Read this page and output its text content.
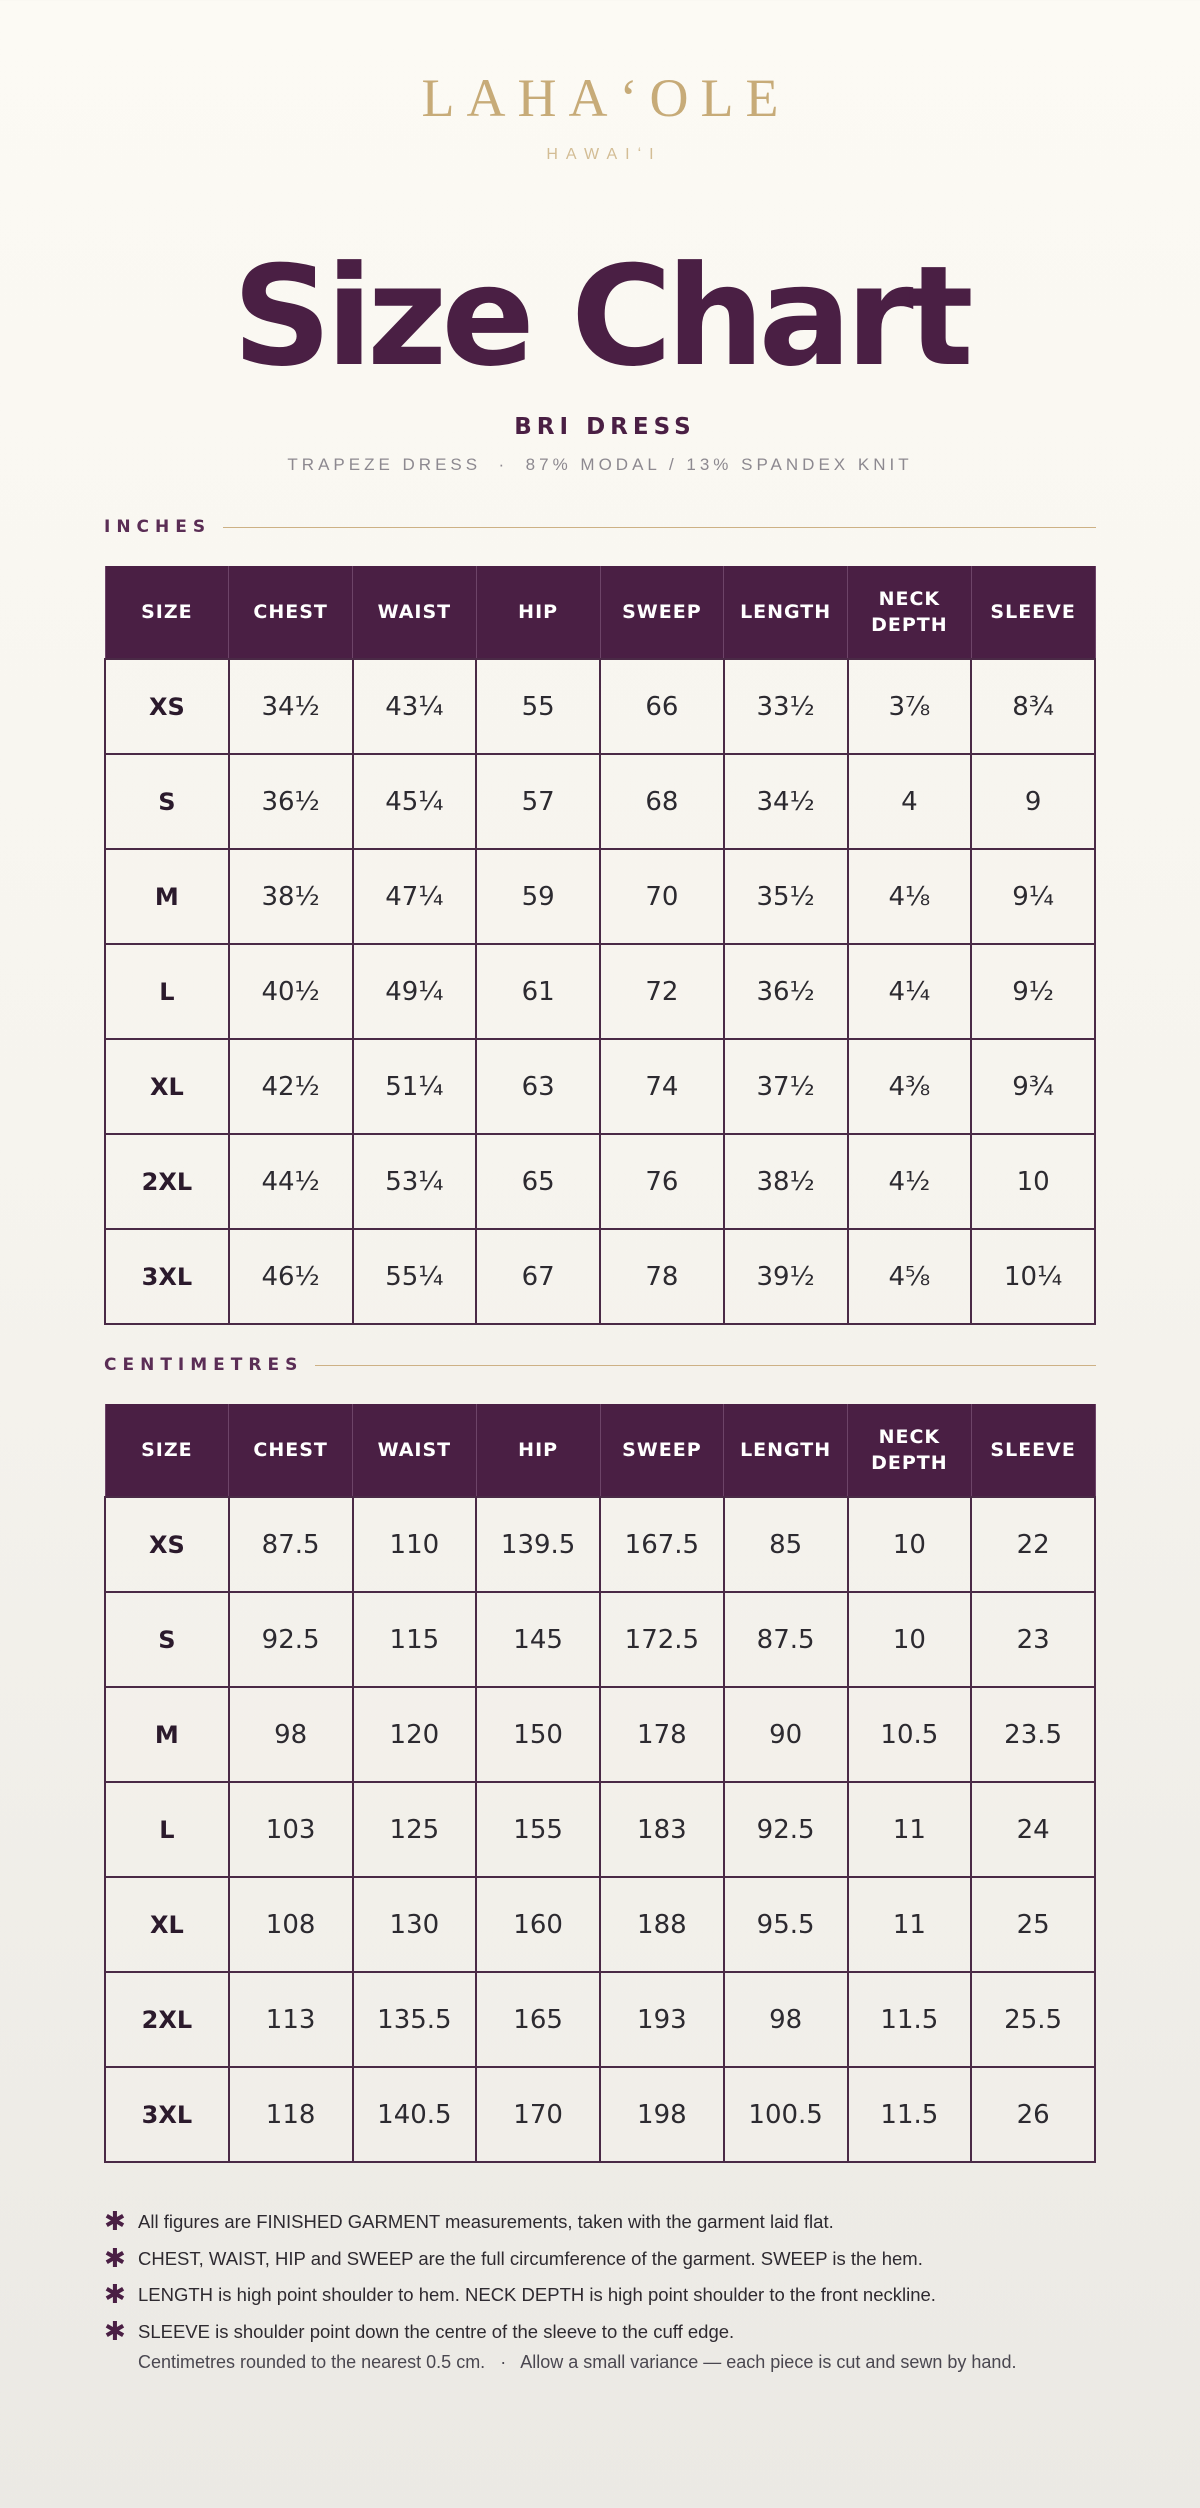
LAHAʻOLE
HAWAIʻI
Size Chart
BRI DRESS
TRAPEZE DRESS  ·  87% MODAL / 13% SPANDEX KNIT
INCHES
SIZE	CHEST	WAIST	HIP	SWEEP	LENGTH	NECK DEPTH	SLEEVE
XS	34½	43¼	55	66	33½	3⅞	8¾
S	36½	45¼	57	68	34½	4	9
M	38½	47¼	59	70	35½	4⅛	9¼
L	40½	49¼	61	72	36½	4¼	9½
XL	42½	51¼	63	74	37½	4⅜	9¾
2XL	44½	53¼	65	76	38½	4½	10
3XL	46½	55¼	67	78	39½	4⅝	10¼
CENTIMETRES
SIZE	CHEST	WAIST	HIP	SWEEP	LENGTH	NECK DEPTH	SLEEVE
XS	87.5	110	139.5	167.5	85	10	22
S	92.5	115	145	172.5	87.5	10	23
M	98	120	150	178	90	10.5	23.5
L	103	125	155	183	92.5	11	24
XL	108	130	160	188	95.5	11	25
2XL	113	135.5	165	193	98	11.5	25.5
3XL	118	140.5	170	198	100.5	11.5	26
✱ All figures are FINISHED GARMENT measurements, taken with the garment laid flat.
✱ CHEST, WAIST, HIP and SWEEP are the full circumference of the garment. SWEEP is the hem.
✱ LENGTH is high point shoulder to hem. NECK DEPTH is high point shoulder to the front neckline.
✱ SLEEVE is shoulder point down the centre of the sleeve to the cuff edge.
Centimetres rounded to the nearest 0.5 cm.   ·   Allow a small variance — each piece is cut and sewn by hand.
